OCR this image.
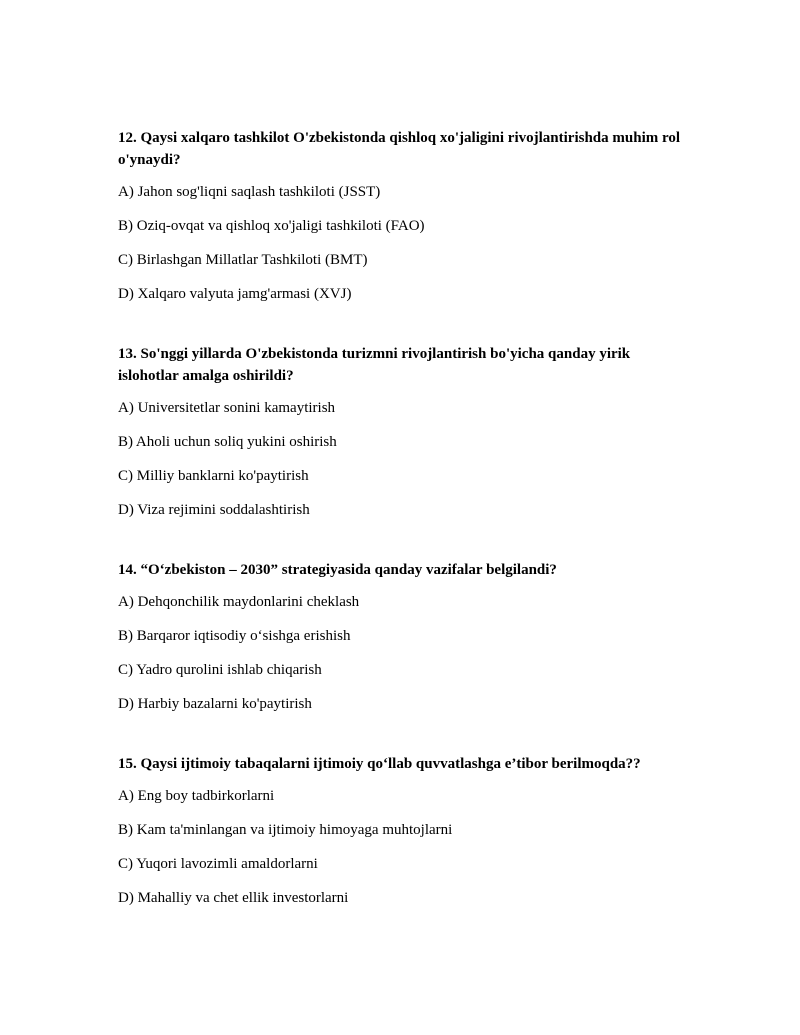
12. Qaysi xalqaro tashkilot O'zbekistonda qishloq xo'jaligini rivojlantirishda muhim rol o'ynaydi?

A) Jahon sog'liqni saqlash tashkiloti (JSST)
B) Oziq-ovqat va qishloq xo'jaligi tashkiloti (FAO)
C) Birlashgan Millatlar Tashkiloti (BMT)
D) Xalqaro valyuta jamg'armasi (XVJ)

13. So'nggi yillarda O'zbekistonda turizmni rivojlantirish bo'yicha qanday yirik islohotlar amalga oshirildi?

A) Universitetlar sonini kamaytirish
B) Aholi uchun soliq yukini oshirish
C) Milliy banklarni ko'paytirish
D) Viza rejimini soddalashtirish

14. “O‘zbekiston – 2030” strategiyasida qanday vazifalar belgilandi?

A) Dehqonchilik maydonlarini cheklash
B) Barqaror iqtisodiy o‘sishga erishish
C) Yadro qurolini ishlab chiqarish
D) Harbiy bazalarni ko'paytirish

15. Qaysi ijtimoiy tabaqalarni ijtimoiy qo‘llab quvvatlashga e’tibor berilmoqda??

A) Eng boy tadbirkorlarni
B) Kam ta'minlangan va ijtimoiy himoyaga muhtojlarni
C) Yuqori lavozimli amaldorlarni
D) Mahalliy va chet ellik investorlarni
